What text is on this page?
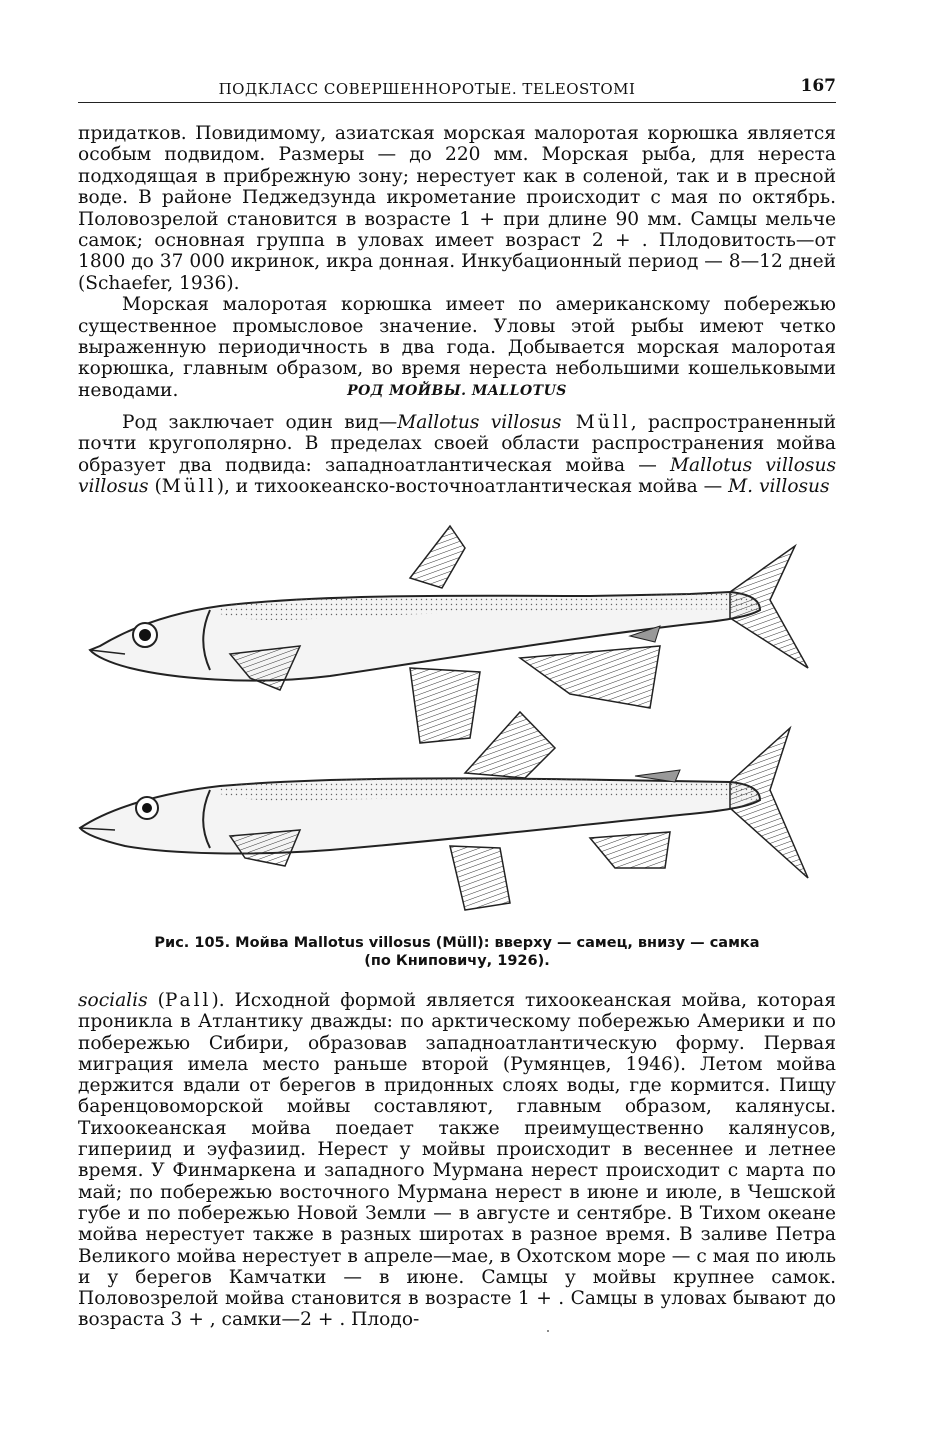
ПОДКЛАСС СОВЕРШЕННОРОТЫЕ. TELEOSTOMI	167

придатков. Повидимому, азиатская морская малоротая корюшка является особым подвидом. Размеры — до 220 мм. Морская рыба, для нереста подходящая в прибрежную зону; нерестует как в соленой, так и в пресной воде. В районе Педжедзунда икрометание происходит с мая по октябрь. Половозрелой становится в возрасте 1 + при длине 90 мм. Самцы мельче самок; основная группа в уловах имеет возраст 2 + . Плодовитость—от 1800 до 37 000 икринок, икра донная. Инкубационный период — 8—12 дней (Schaefer, 1936).

Морская малоротая корюшка имеет по американскому побережью существенное промысловое значение. Уловы этой рыбы имеют четко выраженную периодичность в два года. Добывается морская малоротая корюшка, главным образом, во время нереста небольшими кошельковыми неводами.	РОД МОЙВЫ. MALLOTUS

Род заключает один вид—Mallotus villosus Müll, распространенный почти кругополярно. В пределах своей области распространения мойва образует два подвида: западноатлантическая мойва — Mallotus villosus villosus (Müll), и тихоокеанско-восточноатлантическая мойва — M. villosus

Рис. 105. Мойва Mallotus villosus (Müll): вверху — самец, внизу — самка
(по Книповичу, 1926).

socialis (Pall). Исходной формой является тихоокеанская мойва, которая проникла в Атлантику дважды: по арктическому побережью Америки и по побережью Сибири, образовав западноатлантическую форму. Первая миграция имела место раньше второй (Румянцев, 1946). Летом мойва держится вдали от берегов в придонных слоях воды, где кормится. Пищу баренцовоморской мойвы составляют, главным образом, калянусы. Тихоокеанская мойва поедает также преимущественно калянусов, гипериид и эуфазиид. Нерест у мойвы происходит в весеннее и летнее время. У Финмаркена и западного Мурмана нерест происходит с марта по май; по побережью восточного Мурмана нерест в июне и июле, в Чешской губе и по побережью Новой Земли — в августе и сентябре. В Тихом океане мойва нерестует также в разных широтах в разное время. В заливе Петра Великого мойва нерестует в апреле—мае, в Охотском море — с мая по июль и у берегов Камчатки — в июне. Самцы у мойвы крупнее самок. Половозрелой мойва становится в возрасте 1 + . Самцы в уловах бывают до возраста 3 + , самки—2 + . Плодо-
